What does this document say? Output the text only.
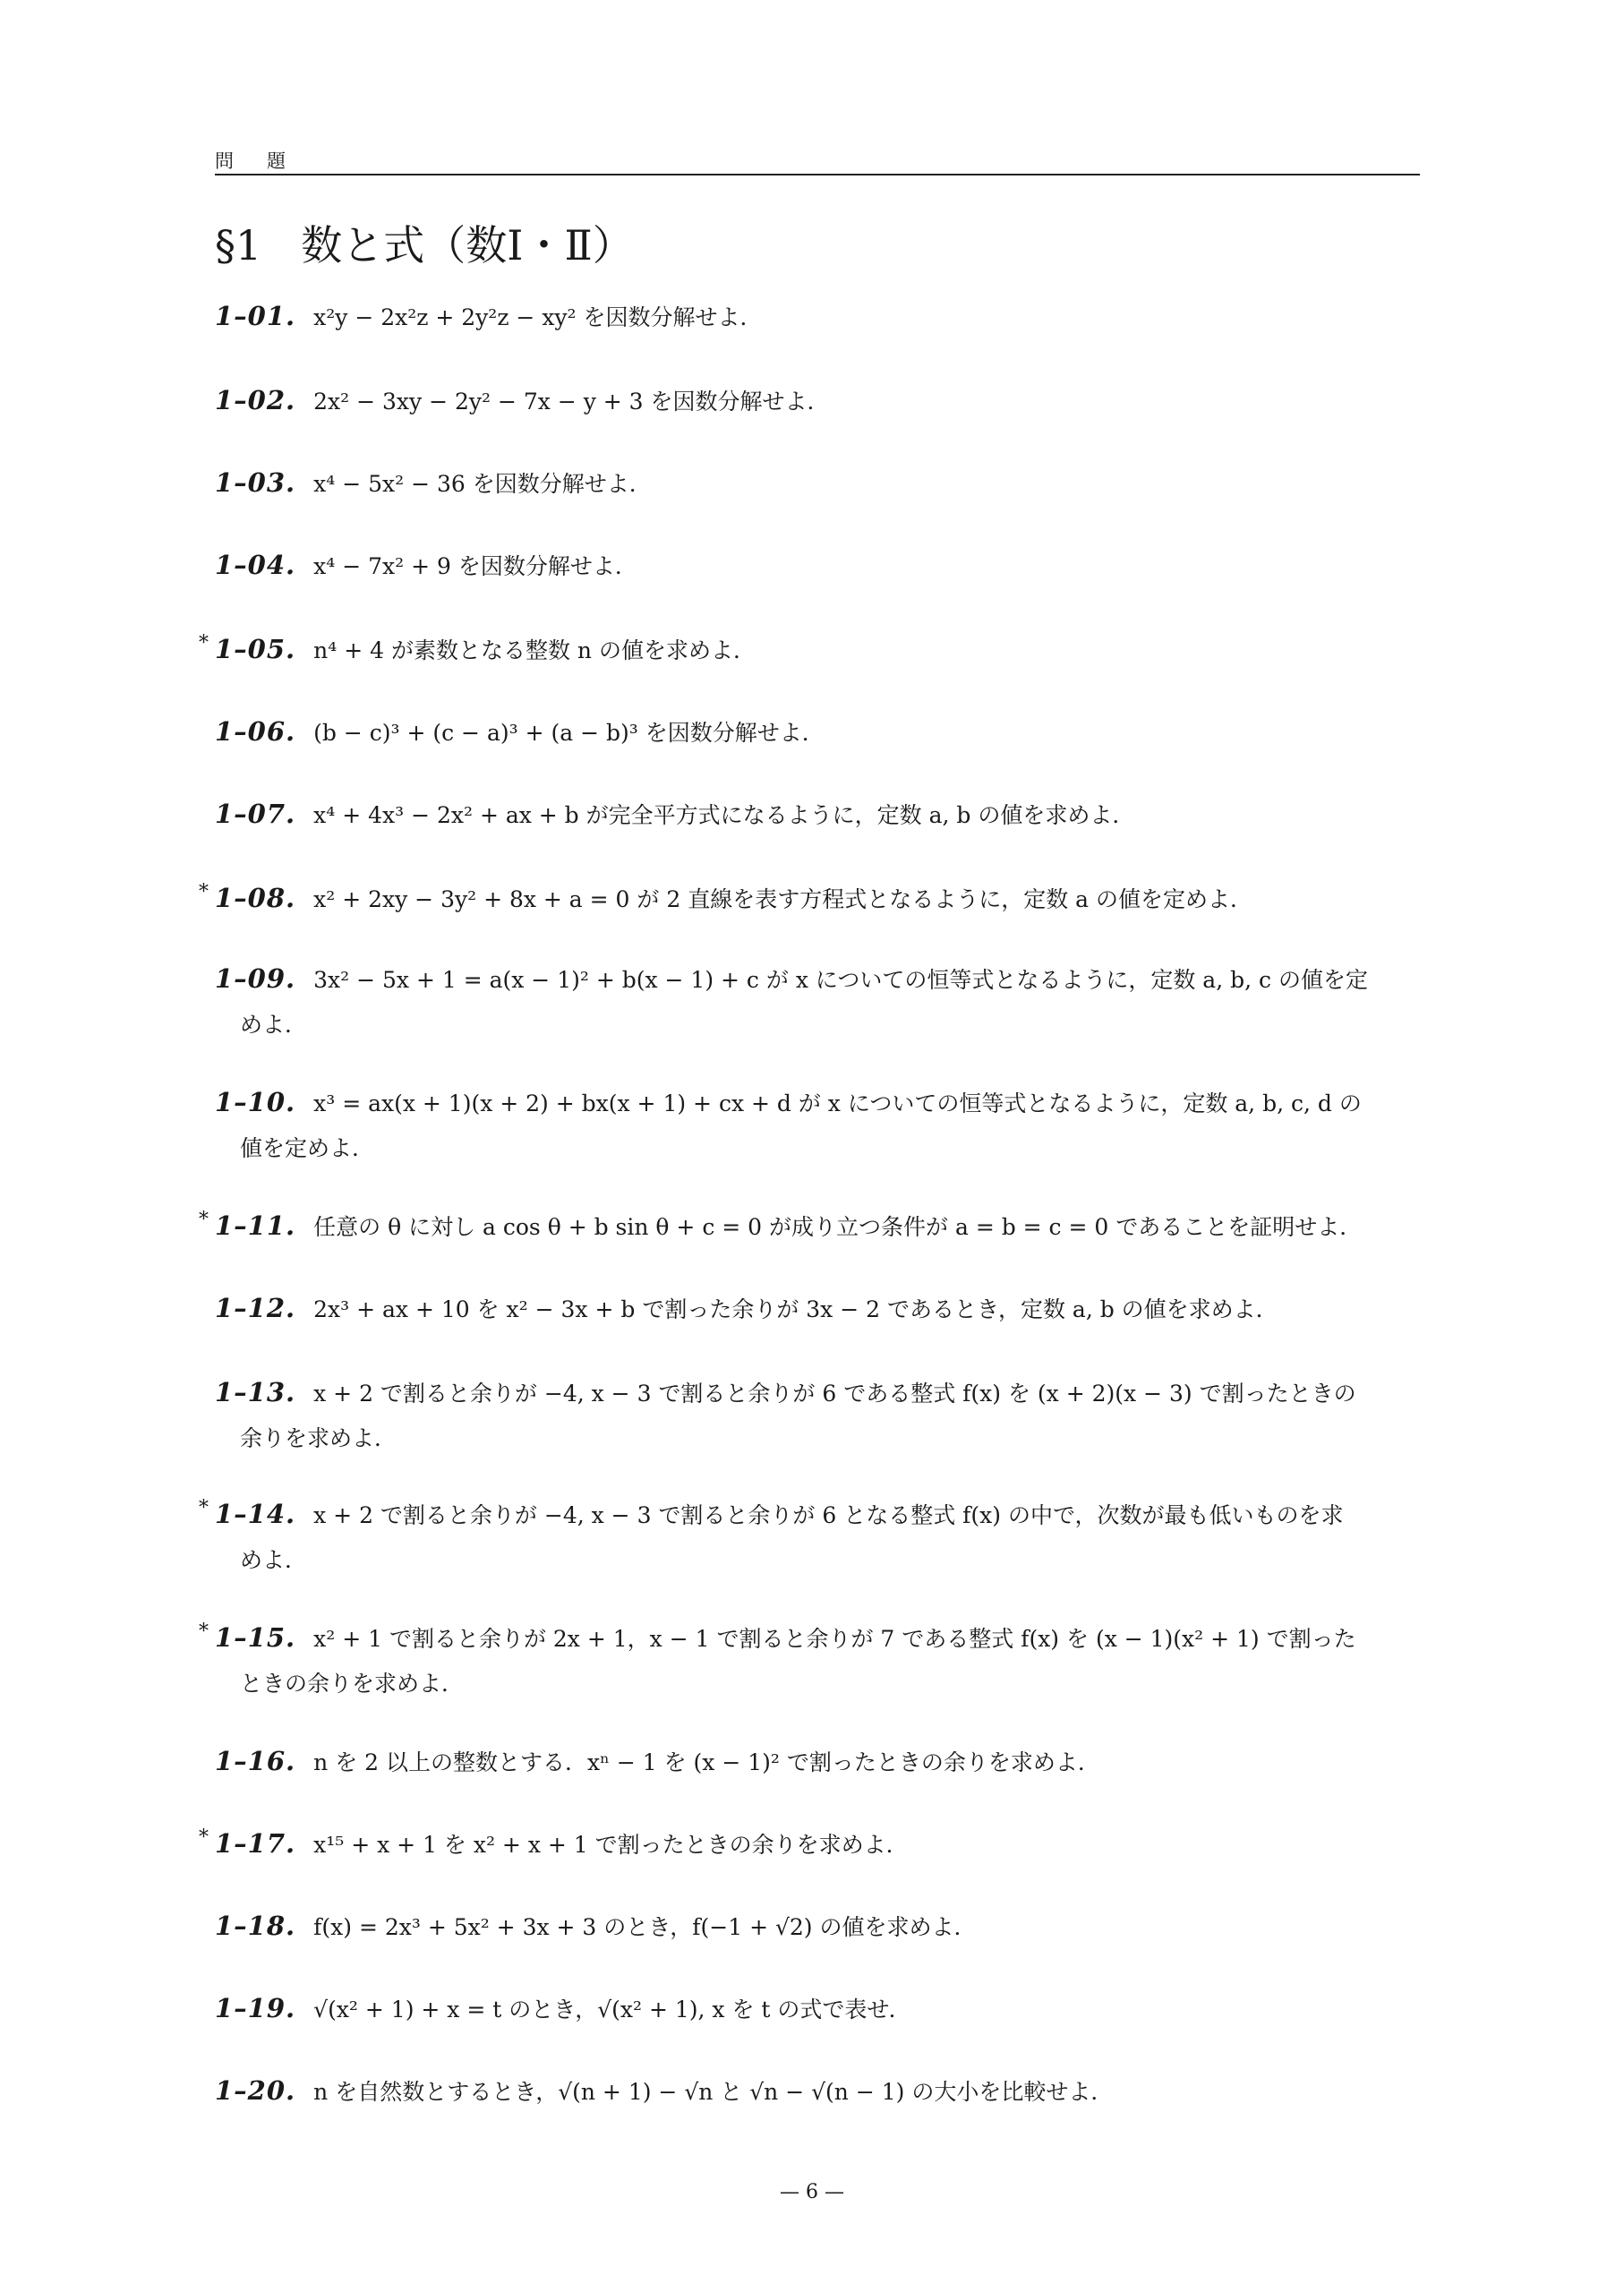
問　題
§1 数と式（数Ⅰ・Ⅱ）
1–01. x²y − 2x²z + 2y²z − xy² を因数分解せよ．
1–02. 2x² − 3xy − 2y² − 7x − y + 3 を因数分解せよ．
1–03. x⁴ − 5x² − 36 を因数分解せよ．
1–04. x⁴ − 7x² + 9 を因数分解せよ．
* 1–05. n⁴ + 4 が素数となる整数 n の値を求めよ．
1–06. (b − c)³ + (c − a)³ + (a − b)³ を因数分解せよ．
1–07. x⁴ + 4x³ − 2x² + ax + b が完全平方式になるように，定数 a, b の値を求めよ．
* 1–08. x² + 2xy − 3y² + 8x + a = 0 が 2 直線を表す方程式となるように，定数 a の値を定めよ．
1–09. 3x² − 5x + 1 = a(x − 1)² + b(x − 1) + c が x についての恒等式となるように，定数 a, b, c の値を定
めよ．
1–10. x³ = ax(x + 1)(x + 2) + bx(x + 1) + cx + d が x についての恒等式となるように，定数 a, b, c, d の
値を定めよ．
* 1–11. 任意の θ に対し a cos θ + b sin θ + c = 0 が成り立つ条件が a = b = c = 0 であることを証明せよ．
1–12. 2x³ + ax + 10 を x² − 3x + b で割った余りが 3x − 2 であるとき，定数 a, b の値を求めよ．
1–13. x + 2 で割ると余りが −4, x − 3 で割ると余りが 6 である整式 f(x) を (x + 2)(x − 3) で割ったときの
余りを求めよ．
* 1–14. x + 2 で割ると余りが −4, x − 3 で割ると余りが 6 となる整式 f(x) の中で，次数が最も低いものを求
めよ．
* 1–15. x² + 1 で割ると余りが 2x + 1，x − 1 で割ると余りが 7 である整式 f(x) を (x − 1)(x² + 1) で割った
ときの余りを求めよ．
1–16. n を 2 以上の整数とする．xⁿ − 1 を (x − 1)² で割ったときの余りを求めよ．
* 1–17. x¹⁵ + x + 1 を x² + x + 1 で割ったときの余りを求めよ．
1–18. f(x) = 2x³ + 5x² + 3x + 3 のとき，f(−1 + √2) の値を求めよ．
1–19. √(x² + 1) + x = t のとき，√(x² + 1), x を t の式で表せ．
1–20. n を自然数とするとき，√(n + 1) − √n と √n − √(n − 1) の大小を比較せよ．
— 6 —
